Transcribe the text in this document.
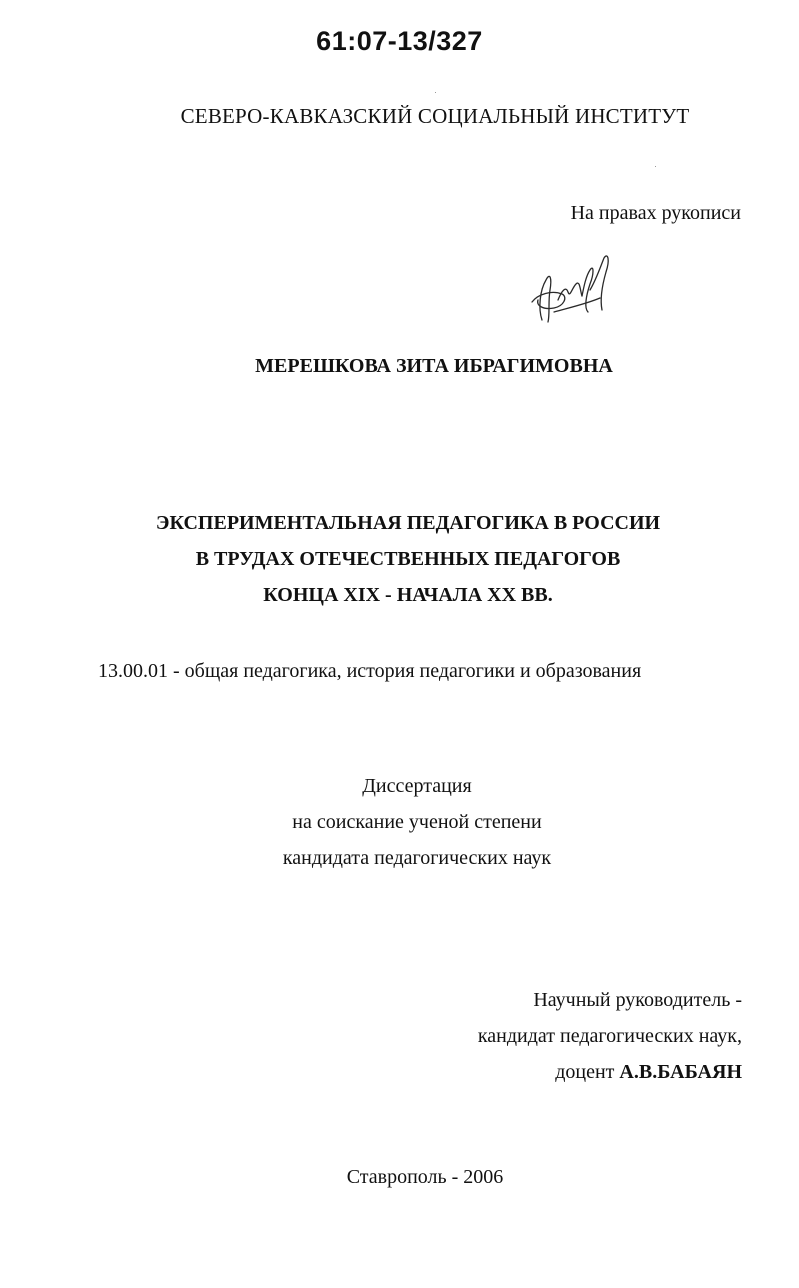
61:07-13/327
СЕВЕРО-КАВКАЗСКИЙ СОЦИАЛЬНЫЙ ИНСТИТУТ
На правах рукописи
МЕРЕШКОВА ЗИТА ИБРАГИМОВНА
ЭКСПЕРИМЕНТАЛЬНАЯ ПЕДАГОГИКА В РОССИИ
В ТРУДАХ ОТЕЧЕСТВЕННЫХ ПЕДАГОГОВ
КОНЦА XIX - НАЧАЛА XX ВВ.
13.00.01 - общая педагогика, история педагогики и образования
Диссертация
на соискание ученой степени
кандидата педагогических наук
Научный руководитель -
кандидат педагогических наук,
доцент А.В.БАБАЯН
Ставрополь - 2006
